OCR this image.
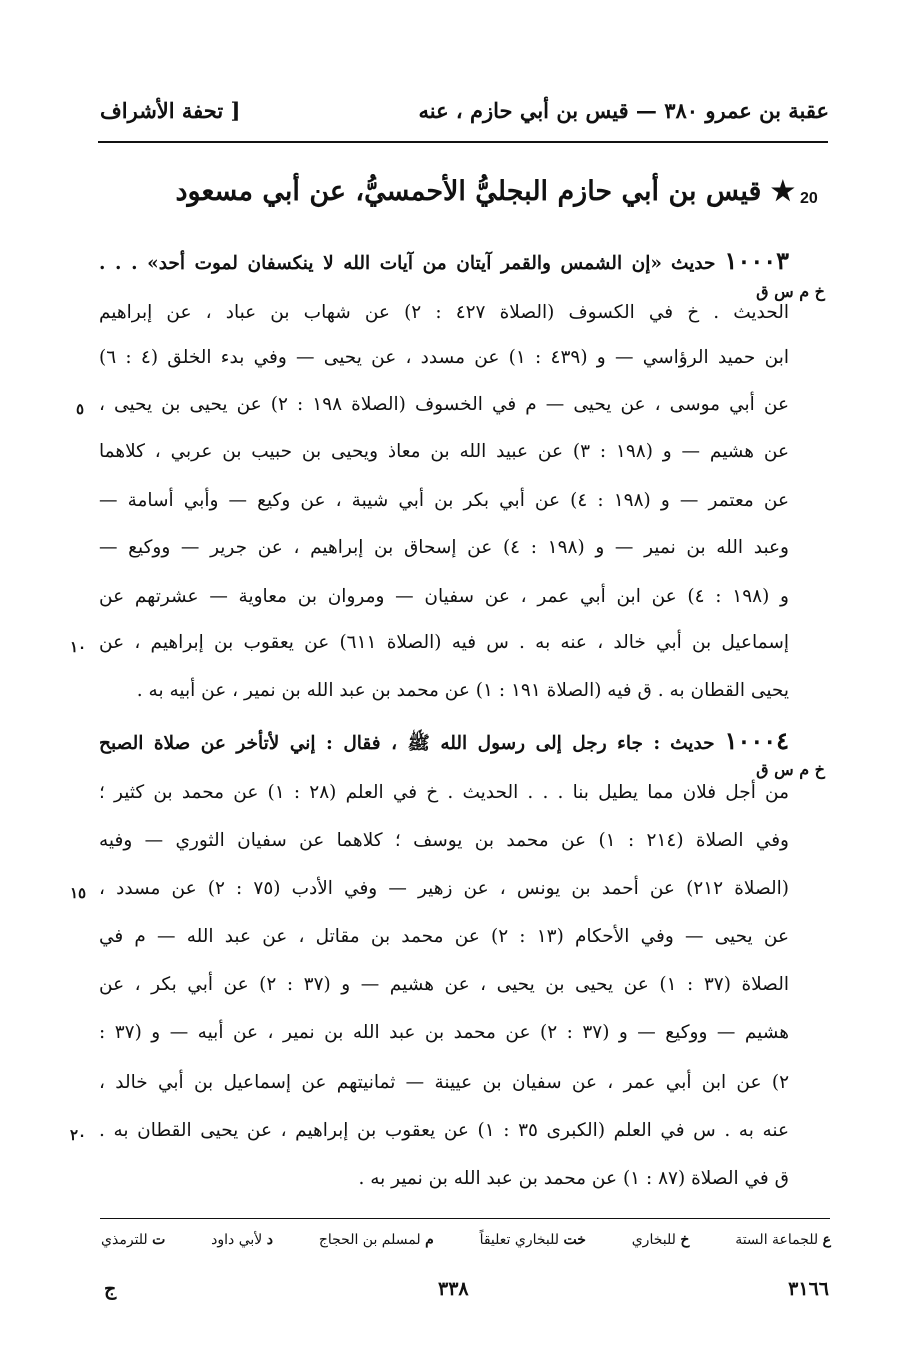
عقبة بن عمرو ٣٨٠ — قيس بن أبي حازم ، عنه
[ تحفة الأشراف
20
★ قيس بن أبي حازم البجليُّ الأحمسيُّ، عن أبي مسعود
١٠٠٠٣ حديث «إن الشمس والقمر آيتان من آيات الله لا ينكسفان لموت أحد» . . .
خ م س ق
الحديث . خ في الكسوف (الصلاة ٤٢٧ : ٢) عن شهاب بن عباد ، عن إبراهيم
ابن حميد الرؤاسي — و (٤٣٩ : ١) عن مسدد ، عن يحيى — وفي بدء الخلق (٤ : ٦)
عن أبي موسى ، عن يحيى — م في الخسوف (الصلاة ١٩٨ : ٢) عن يحيى بن يحيى ،
عن هشيم — و (١٩٨ : ٣) عن عبيد الله بن معاذ ويحيى بن حبيب بن عربي ، كلاهما
عن معتمر — و (١٩٨ : ٤) عن أبي بكر بن أبي شيبة ، عن وكيع — وأبي أسامة —
وعبد الله بن نمير — و (١٩٨ : ٤) عن إسحاق بن إبراهيم ، عن جرير — ووكيع —
و (١٩٨ : ٤) عن ابن أبي عمر ، عن سفيان — ومروان بن معاوية — عشرتهم عن
إسماعيل بن أبي خالد ، عنه به . س فيه (الصلاة ٦١١) عن يعقوب بن إبراهيم ، عن
يحيى القطان به . ق فيه (الصلاة ١٩١ : ١) عن محمد بن عبد الله بن نمير ، عن أبيه به .
١٠٠٠٤ حديث : جاء رجل إلى رسول الله ﷺ ، فقال : إني لأتأخر عن صلاة الصبح
خ م س ق
من أجل فلان مما يطيل بنا . . . الحديث . خ في العلم (٢٨ : ١) عن محمد بن كثير ؛
وفي الصلاة (٢١٤ : ١) عن محمد بن يوسف ؛ كلاهما عن سفيان الثوري — وفيه
(الصلاة ٢١٢) عن أحمد بن يونس ، عن زهير — وفي الأدب (٧٥ : ٢) عن مسدد ،
عن يحيى — وفي الأحكام (١٣ : ٢) عن محمد بن مقاتل ، عن عبد الله — م في
الصلاة (٣٧ : ١) عن يحيى بن يحيى ، عن هشيم — و (٣٧ : ٢) عن أبي بكر ، عن
هشيم — ووكيع — و (٣٧ : ٢) عن محمد بن عبد الله بن نمير ، عن أبيه — و (٣٧ :
٢) عن ابن أبي عمر ، عن سفيان بن عيينة — ثمانيتهم عن إسماعيل بن أبي خالد ،
عنه به . س في العلم (الكبرى ٣٥ : ١) عن يعقوب بن إبراهيم ، عن يحيى القطان به .
ق في الصلاة (٨٧ : ١) عن محمد بن عبد الله بن نمير به .
٥
١٠
١٥
٢٠
ع للجماعة الستة
خ للبخاري
خت للبخاري تعليقاً
م لمسلم بن الحجاج
د لأبي داود
ت للترمذي
٣١٦٦
٣٣٨
ج
